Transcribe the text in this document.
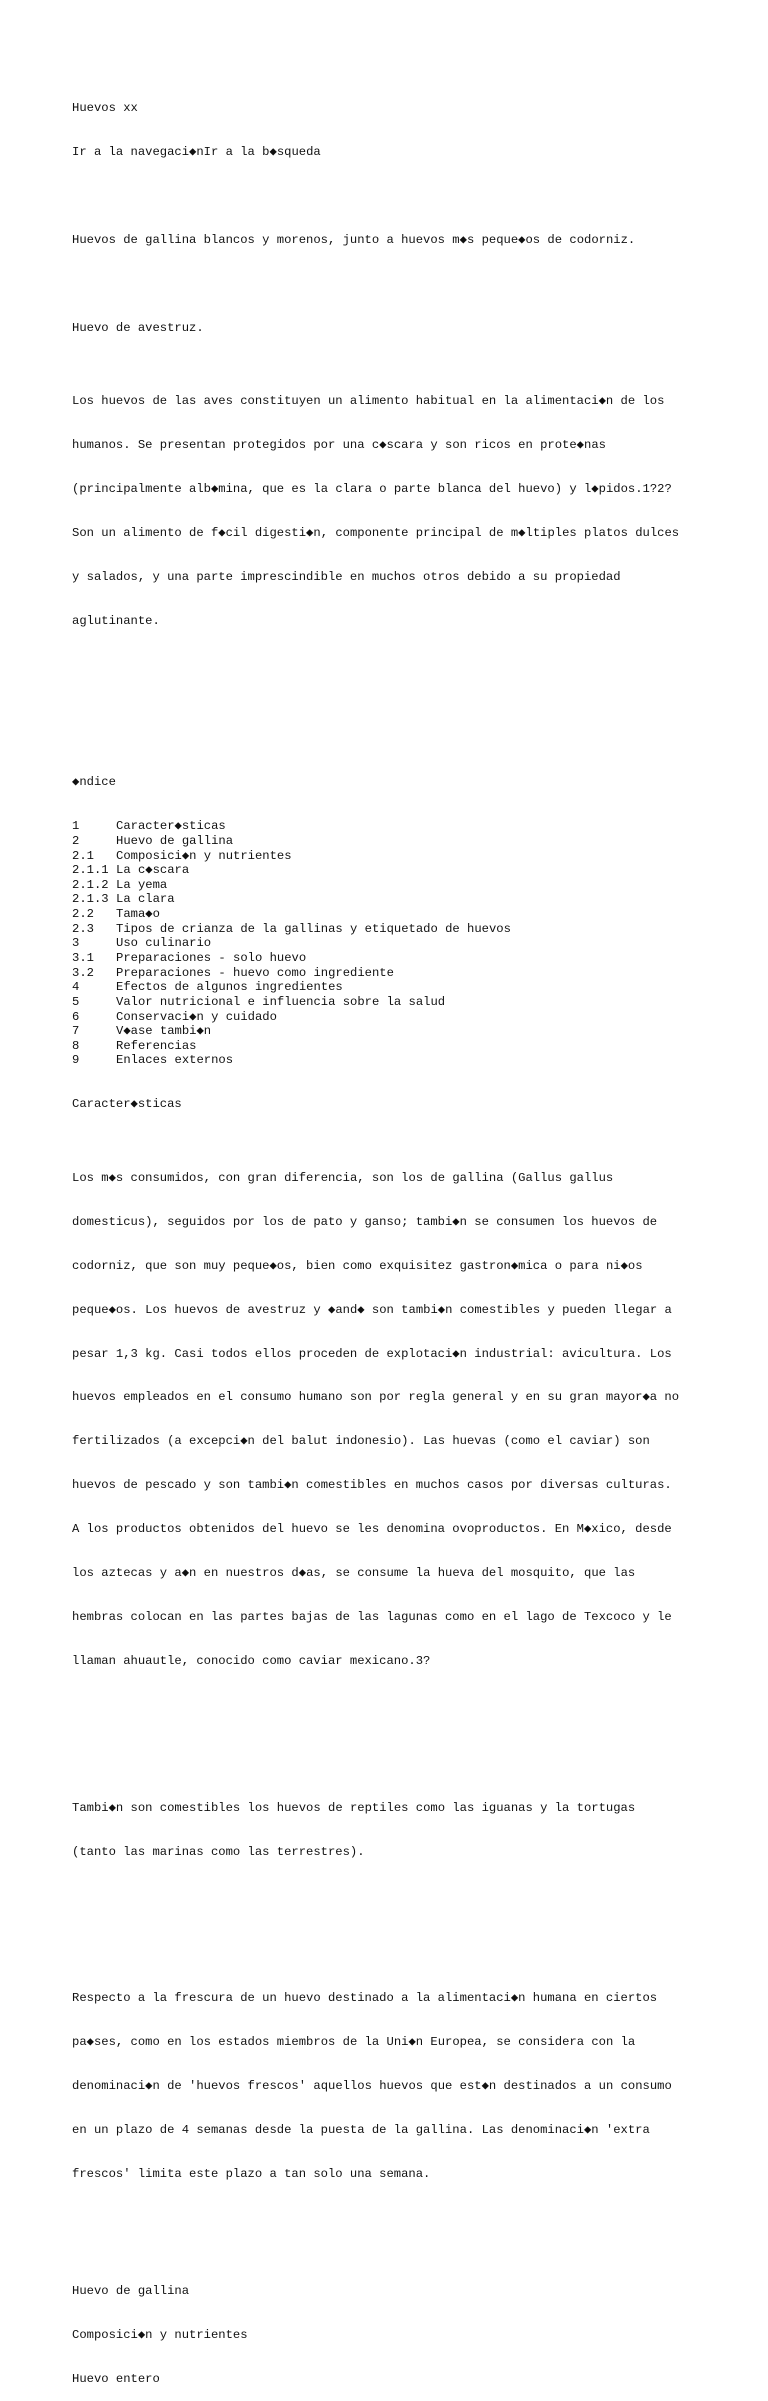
Huevos xx

Ir a la navegaci◆nIr a la b◆squeda

Huevos de gallina blancos y morenos, junto a huevos m◆s peque◆os de codorniz.

Huevo de avestruz.

Los huevos de las aves constituyen un alimento habitual en la alimentaci◆n de los

humanos. Se presentan protegidos por una c◆scara y son ricos en prote◆nas

(principalmente alb◆mina, que es la clara o parte blanca del huevo) y l◆pidos.1?2?

Son un alimento de f◆cil digesti◆n, componente principal de m◆ltiples platos dulces

y salados, y una parte imprescindible en muchos otros debido a su propiedad

aglutinante.

◆ndice

1	Caracter◆sticas
2	Huevo de gallina
2.1 Composici◆n y nutrientes
2.1.1 La c◆scara
2.1.2 La yema
2.1.3 La clara
2.2 Tama◆o
2.3 Tipos de crianza de la gallinas y etiquetado de huevos
3	Uso culinario
3.1 Preparaciones - solo huevo
3.2 Preparaciones - huevo como ingrediente
4	Efectos de algunos ingredientes
5	Valor nutricional e influencia sobre la salud
6	Conservaci◆n y cuidado
7	V◆ase tambi◆n
8	Referencias
9	Enlaces externos

Caracter◆sticas

Los m◆s consumidos, con gran diferencia, son los de gallina (Gallus gallus

domesticus), seguidos por los de pato y ganso; tambi◆n se consumen los huevos de

codorniz, que son muy peque◆os, bien como exquisitez gastron◆mica o para ni◆os

peque◆os. Los huevos de avestruz y ◆and◆ son tambi◆n comestibles y pueden llegar a

pesar 1,3 kg. Casi todos ellos proceden de explotaci◆n industrial: avicultura. Los

huevos empleados en el consumo humano son por regla general y en su gran mayor◆a no

fertilizados (a excepci◆n del balut indonesio). Las huevas (como el caviar) son

huevos de pescado y son tambi◆n comestibles en muchos casos por diversas culturas.

A los productos obtenidos del huevo se les denomina ovoproductos. En M◆xico, desde

los aztecas y a◆n en nuestros d◆as, se consume la hueva del mosquito, que las

hembras colocan en las partes bajas de las lagunas como en el lago de Texcoco y le

llaman ahuautle, conocido como caviar mexicano.3?

Tambi◆n son comestibles los huevos de reptiles como las iguanas y la tortugas

(tanto las marinas como las terrestres).

Respecto a la frescura de un huevo destinado a la alimentaci◆n humana en ciertos

pa◆ses, como en los estados miembros de la Uni◆n Europea, se considera con la

denominaci◆n de 'huevos frescos' aquellos huevos que est◆n destinados a un consumo

en un plazo de 4 semanas desde la puesta de la gallina. Las denominaci◆n 'extra

frescos' limita este plazo a tan solo una semana.

Huevo de gallina

Composici◆n y nutrientes

Huevo entero
